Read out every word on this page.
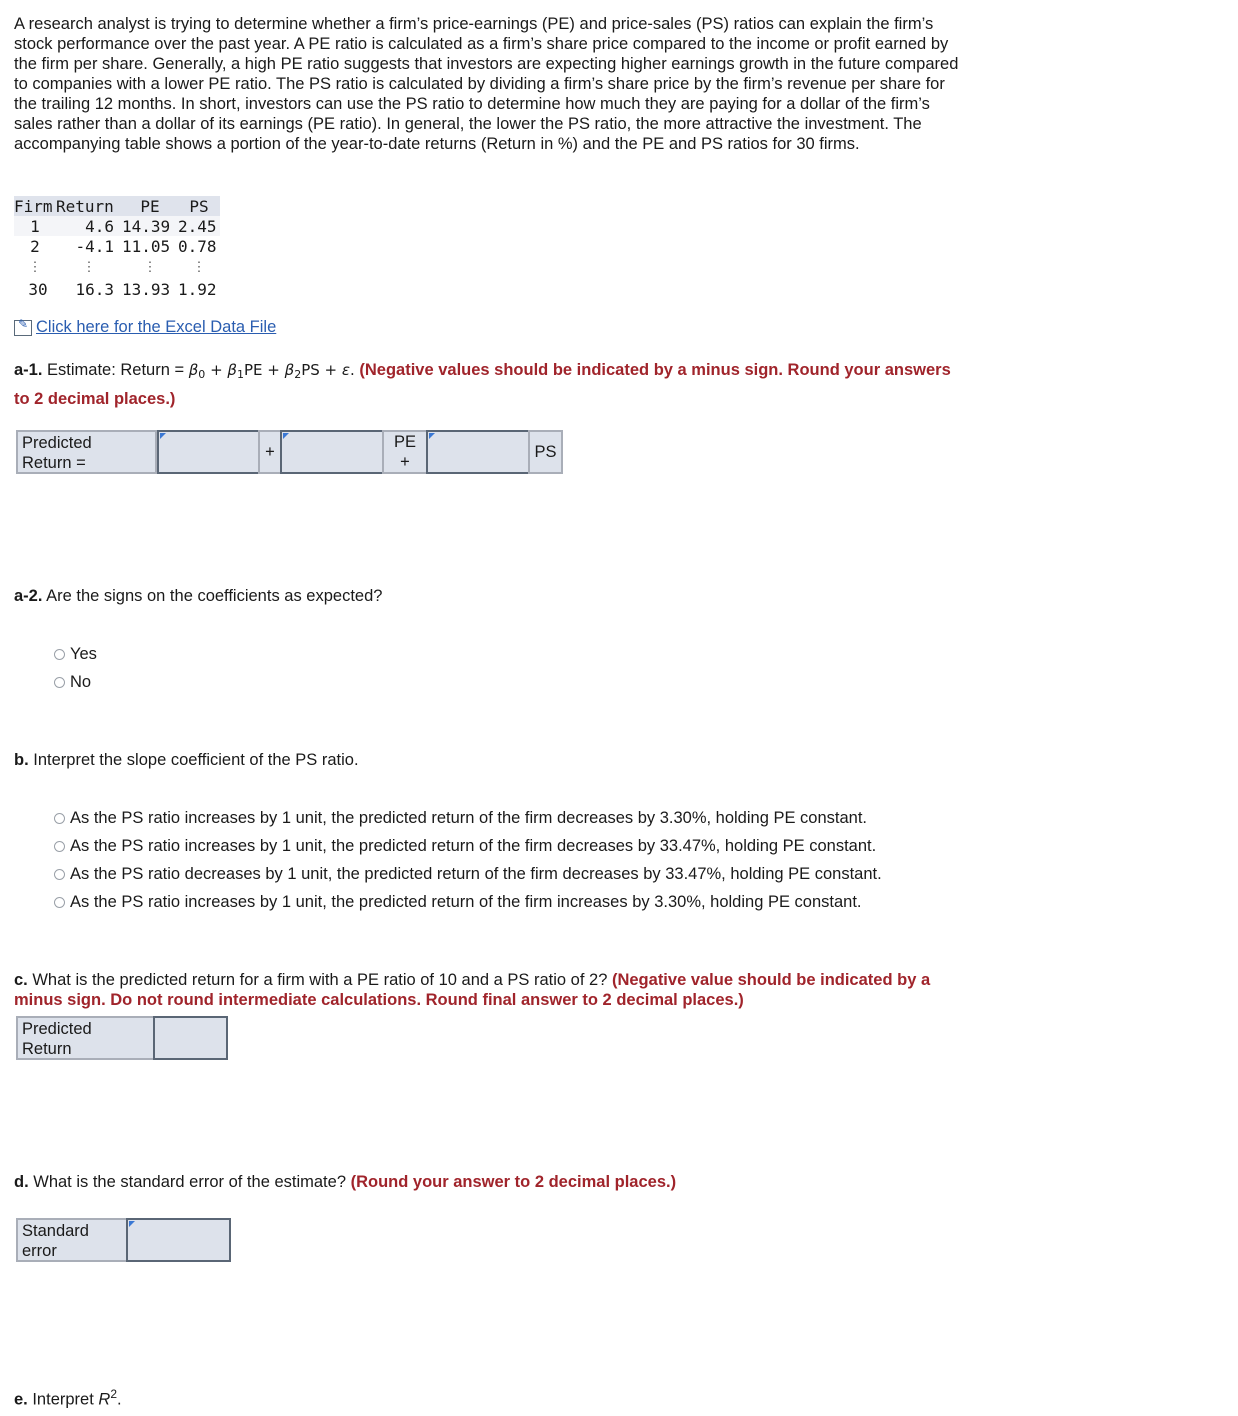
A research analyst is trying to determine whether a firm’s price-earnings (PE) and price-sales (PS) ratios can explain the firm’s stock performance over the past year. A PE ratio is calculated as a firm’s share price compared to the income or profit earned by the firm per share. Generally, a high PE ratio suggests that investors are expecting higher earnings growth in the future compared to companies with a lower PE ratio. The PS ratio is calculated by dividing a firm’s share price by the firm’s revenue per share for the trailing 12 months. In short, investors can use the PS ratio to determine how much they are paying for a dollar of the firm’s sales rather than a dollar of its earnings (PE ratio). In general, the lower the PS ratio, the more attractive the investment. The accompanying table shows a portion of the year-to-date returns (Return in %) and the PE and PS ratios for 30 firms.
Firm	Return	PE	PS
1	4.6	14.39	2.45
2	-4.1	11.05	0.78
⋮	⋮	⋮	⋮
30	16.3	13.93	1.92
✎
Click here for the Excel Data File
a-1. Estimate: Return = $\beta_0 + \beta_1PE + \beta_2PS + \varepsilon$. (Negative values should be indicated by a minus sign. Round your answers to 2 decimal places.)
Predicted
Return =
+
PE
+
PS
a-2. Are the signs on the coefficients as expected?
Yes
No
b. Interpret the slope coefficient of the PS ratio.
As the PS ratio increases by 1 unit, the predicted return of the firm decreases by 3.30%, holding PE constant.
As the PS ratio increases by 1 unit, the predicted return of the firm decreases by 33.47%, holding PE constant.
As the PS ratio decreases by 1 unit, the predicted return of the firm decreases by 33.47%, holding PE constant.
As the PS ratio increases by 1 unit, the predicted return of the firm increases by 3.30%, holding PE constant.
c. What is the predicted return for a firm with a PE ratio of 10 and a PS ratio of 2? (Negative value should be indicated by a minus sign. Do not round intermediate calculations. Round final answer to 2 decimal places.)
Predicted
Return
d. What is the standard error of the estimate? (Round your answer to 2 decimal places.)
Standard
error
e. Interpret $R^2$.
